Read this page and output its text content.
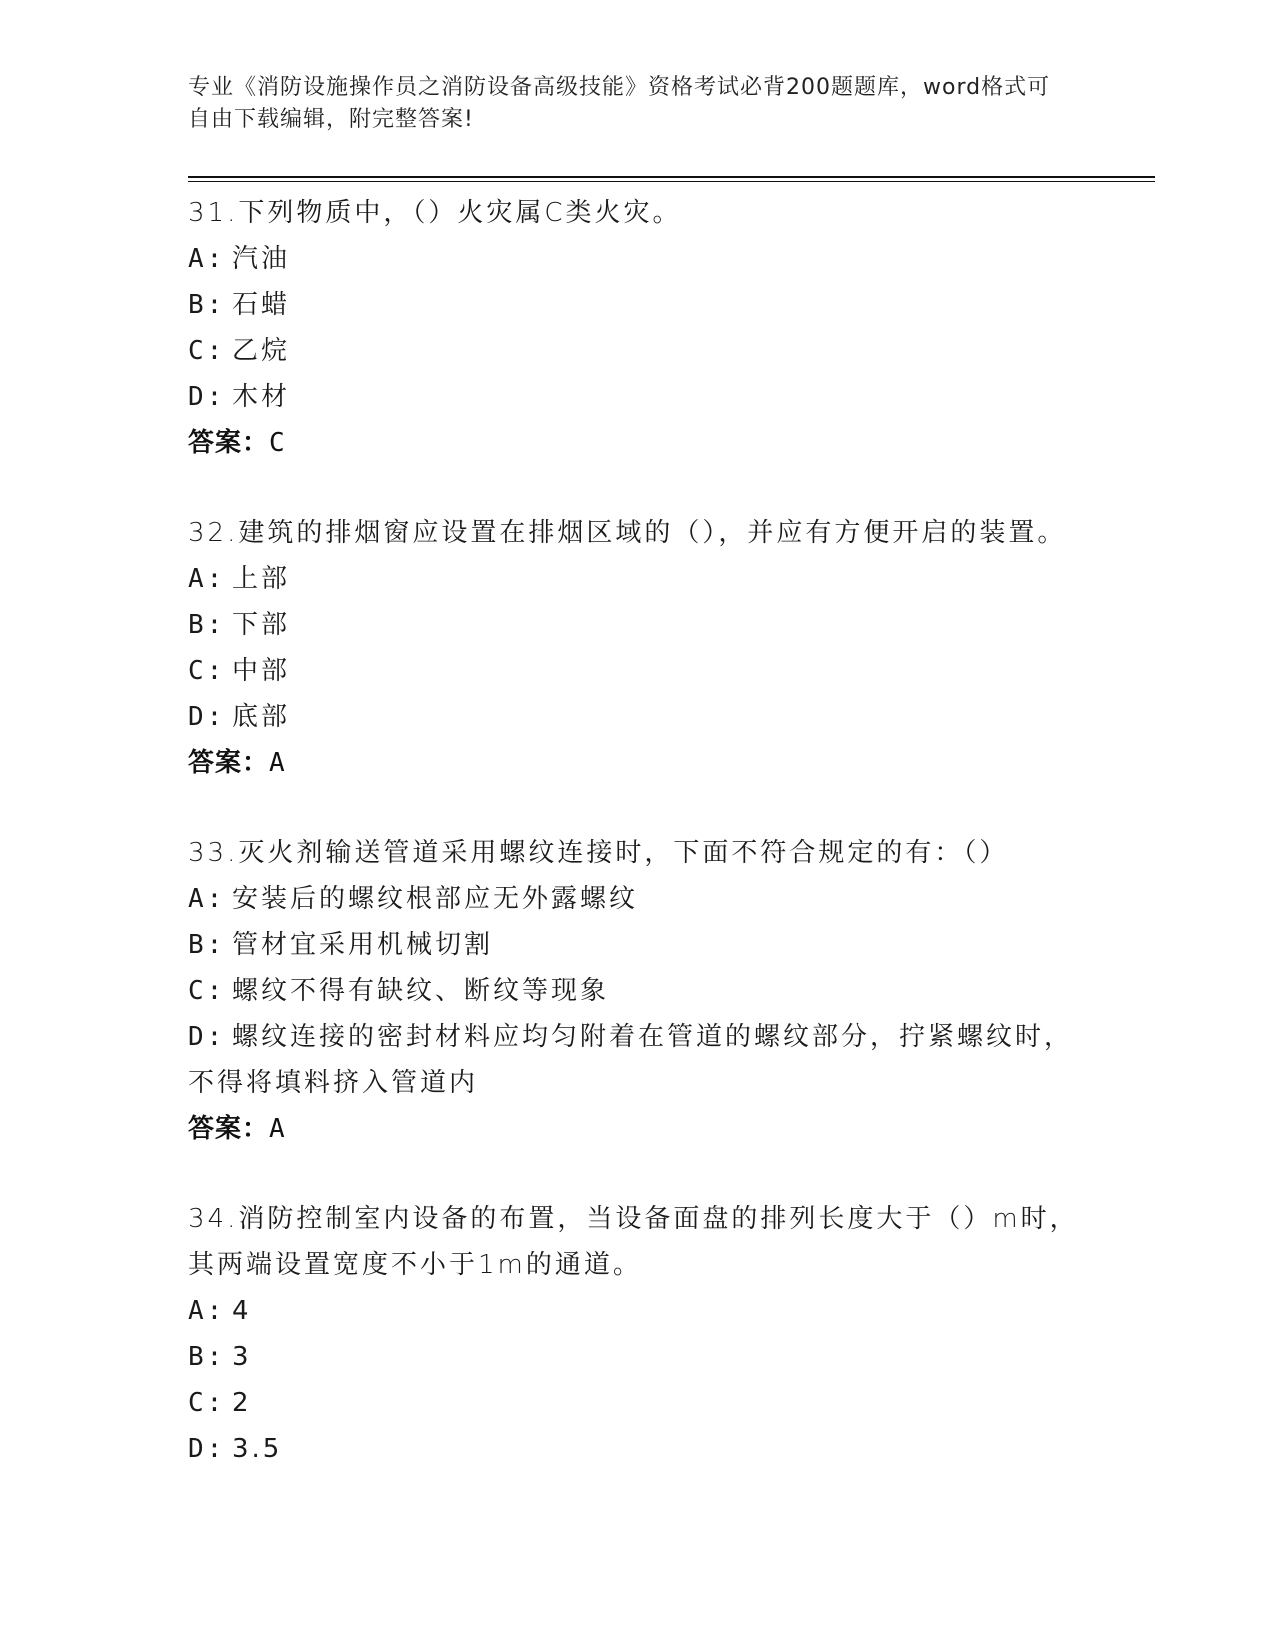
专业《消防设施操作员之消防设备高级技能》资格考试必背200题题库，word格式可自由下载编辑，附完整答案!
31.下列物质中，（）火灾属C类火灾。
A: 汽油
B: 石蜡
C: 乙烷
D: 木材
答案：C
32.建筑的排烟窗应设置在排烟区域的（），并应有方便开启的装置。
A: 上部
B: 下部
C: 中部
D: 底部
答案：A
33.灭火剂输送管道采用螺纹连接时，下面不符合规定的有：（）
A: 安装后的螺纹根部应无外露螺纹
B: 管材宜采用机械切割
C: 螺纹不得有缺纹、断纹等现象
D: 螺纹连接的密封材料应均匀附着在管道的螺纹部分，拧紧螺纹时，不得将填料挤入管道内
答案：A
34.消防控制室内设备的布置，当设备面盘的排列长度大于（）m时，其两端设置宽度不小于1m的通道。
A: 4
B: 3
C: 2
D: 3.5
